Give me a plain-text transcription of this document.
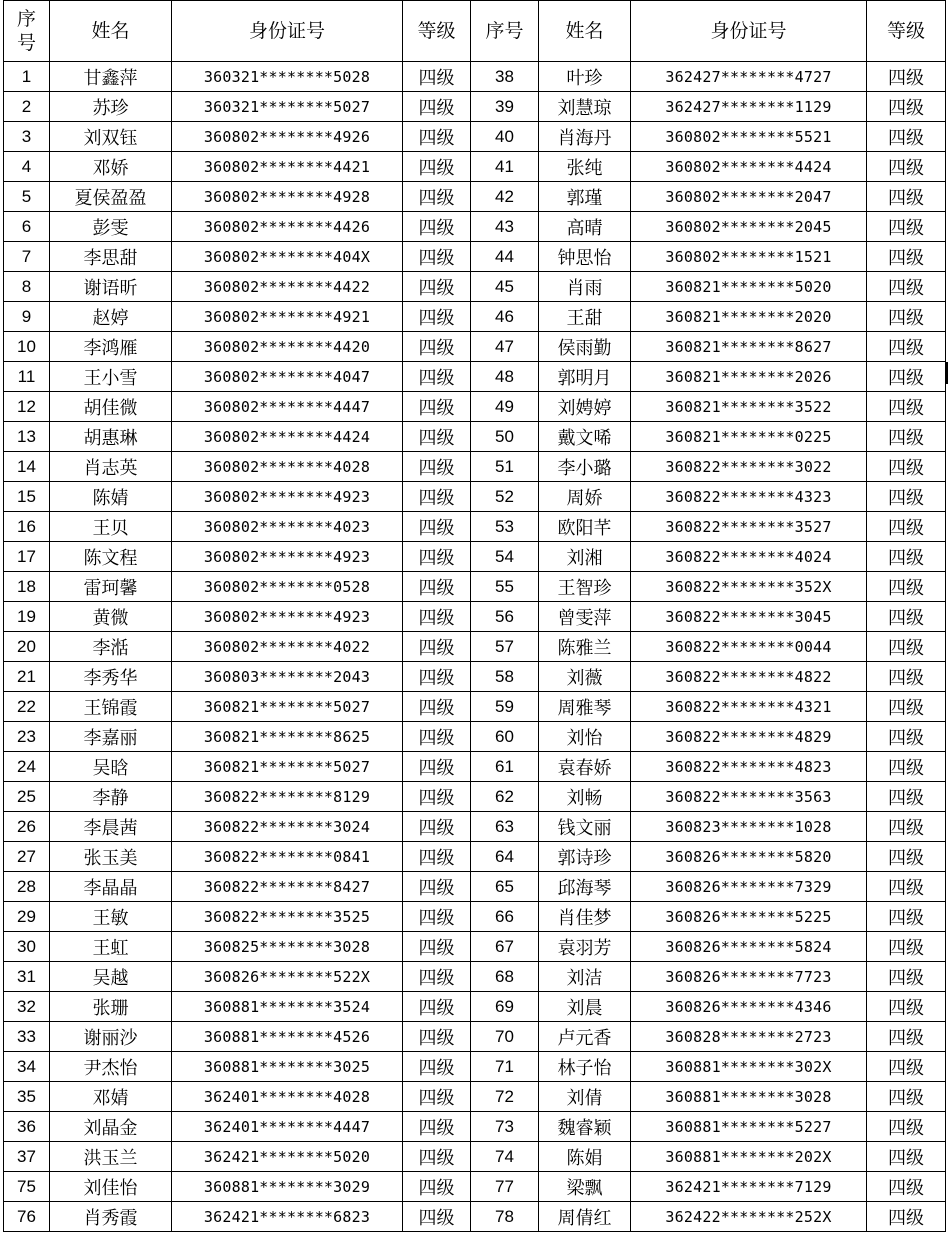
序
号	姓名	身份证号	等级	序号	姓名	身份证号	等级
1	甘鑫萍	360321********5028	四级	38	叶珍	362427********4727	四级
2	苏珍	360321********5027	四级	39	刘慧琼	362427********1129	四级
3	刘双钰	360802********4926	四级	40	肖海丹	360802********5521	四级
4	邓娇	360802********4421	四级	41	张纯	360802********4424	四级
5	夏侯盈盈	360802********4928	四级	42	郭瑾	360802********2047	四级
6	彭雯	360802********4426	四级	43	高晴	360802********2045	四级
7	李思甜	360802********404X	四级	44	钟思怡	360802********1521	四级
8	谢语昕	360802********4422	四级	45	肖雨	360821********5020	四级
9	赵婷	360802********4921	四级	46	王甜	360821********2020	四级
10	李鸿雁	360802********4420	四级	47	侯雨勤	360821********8627	四级
11	王小雪	360802********4047	四级	48	郭明月	360821********2026	四级
12	胡佳微	360802********4447	四级	49	刘娉婷	360821********3522	四级
13	胡惠琳	360802********4424	四级	50	戴文唏	360821********0225	四级
14	肖志英	360802********4028	四级	51	李小璐	360822********3022	四级
15	陈婧	360802********4923	四级	52	周娇	360822********4323	四级
16	王贝	360802********4023	四级	53	欧阳芊	360822********3527	四级
17	陈文程	360802********4923	四级	54	刘湘	360822********4024	四级
18	雷珂馨	360802********0528	四级	55	王智珍	360822********352X	四级
19	黄微	360802********4923	四级	56	曾雯萍	360822********3045	四级
20	李湉	360802********4022	四级	57	陈雅兰	360822********0044	四级
21	李秀华	360803********2043	四级	58	刘薇	360822********4822	四级
22	王锦霞	360821********5027	四级	59	周雅琴	360822********4321	四级
23	李嘉丽	360821********8625	四级	60	刘怡	360822********4829	四级
24	吴晗	360821********5027	四级	61	袁春娇	360822********4823	四级
25	李静	360822********8129	四级	62	刘畅	360822********3563	四级
26	李晨茜	360822********3024	四级	63	钱文丽	360823********1028	四级
27	张玉美	360822********0841	四级	64	郭诗珍	360826********5820	四级
28	李晶晶	360822********8427	四级	65	邱海琴	360826********7329	四级
29	王敏	360822********3525	四级	66	肖佳梦	360826********5225	四级
30	王虹	360825********3028	四级	67	袁羽芳	360826********5824	四级
31	吴越	360826********522X	四级	68	刘洁	360826********7723	四级
32	张珊	360881********3524	四级	69	刘晨	360826********4346	四级
33	谢丽沙	360881********4526	四级	70	卢元香	360828********2723	四级
34	尹杰怡	360881********3025	四级	71	林子怡	360881********302X	四级
35	邓婧	362401********4028	四级	72	刘倩	360881********3028	四级
36	刘晶金	362401********4447	四级	73	魏睿颖	360881********5227	四级
37	洪玉兰	362421********5020	四级	74	陈娟	360881********202X	四级
75	刘佳怡	360881********3029	四级	77	梁飘	362421********7129	四级
76	肖秀霞	362421********6823	四级	78	周倩红	362422********252X	四级
